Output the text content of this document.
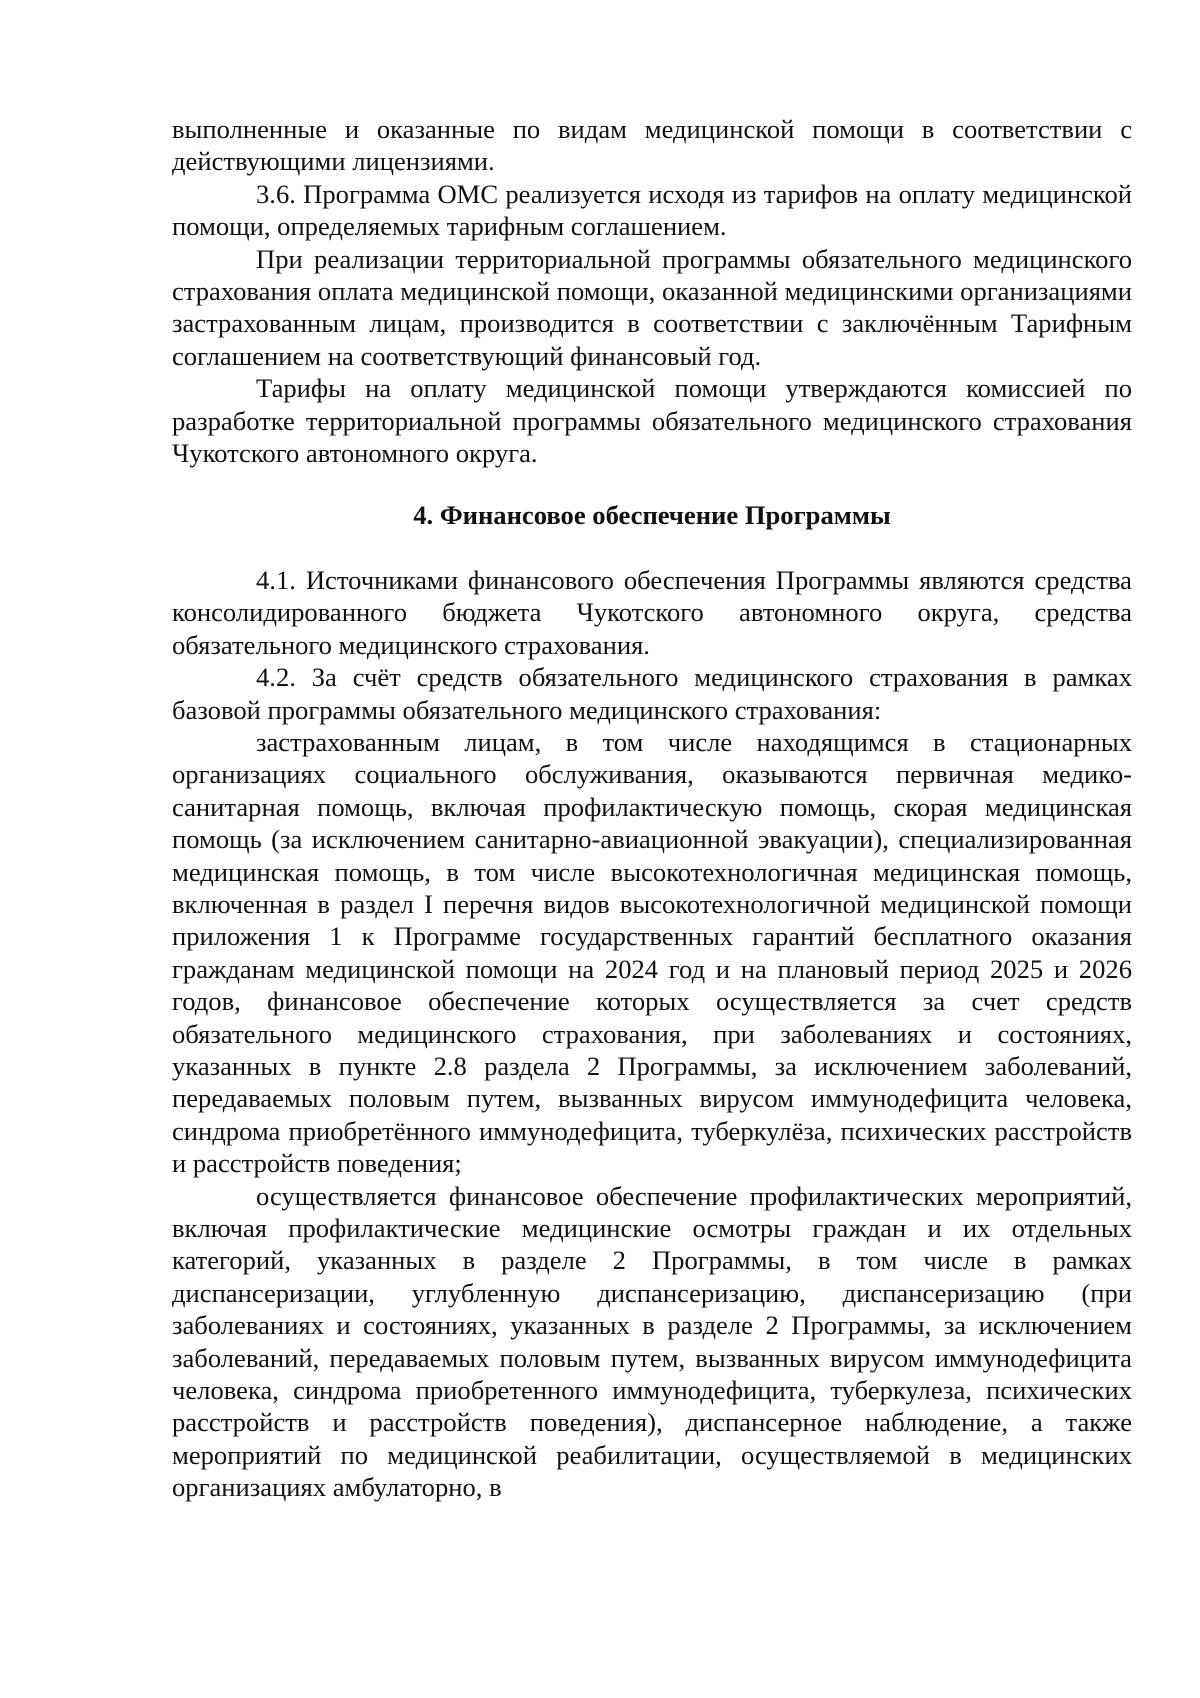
выполненные и оказанные по видам медицинской помощи в соответствии с действующими лицензиями.

3.6. Программа ОМС реализуется исходя из тарифов на оплату медицинской помощи, определяемых тарифным соглашением.

При реализации территориальной программы обязательного медицинского страхования оплата медицинской помощи, оказанной медицинскими организациями застрахованным лицам, производится в соответствии с заключённым Тарифным соглашением на соответствующий финансовый год.

Тарифы на оплату медицинской помощи утверждаются комиссией по разработке территориальной программы обязательного медицинского страхования Чукотского автономного округа.

4. Финансовое обеспечение Программы

4.1. Источниками финансового обеспечения Программы являются средства консолидированного бюджета Чукотского автономного округа, средства обязательного медицинского страхования.

4.2. За счёт средств обязательного медицинского страхования в рамках базовой программы обязательного медицинского страхования:

застрахованным лицам, в том числе находящимся в стационарных организациях социального обслуживания, оказываются первичная медико-санитарная помощь, включая профилактическую помощь, скорая медицинская помощь (за исключением санитарно-авиационной эвакуации), специализированная медицинская помощь, в том числе высокотехнологичная медицинская помощь, включенная в раздел I перечня видов высокотехнологичной медицинской помощи приложения 1 к Программе государственных гарантий бесплатного оказания гражданам медицинской помощи на 2024 год и на плановый период 2025 и 2026 годов, финансовое обеспечение которых осуществляется за счет средств обязательного медицинского страхования, при заболеваниях и состояниях, указанных в пункте 2.8 раздела 2 Программы, за исключением заболеваний, передаваемых половым путем, вызванных вирусом иммунодефицита человека, синдрома приобретённого иммунодефицита, туберкулёза, психических расстройств и расстройств поведения;

осуществляется финансовое обеспечение профилактических мероприятий, включая профилактические медицинские осмотры граждан и их отдельных категорий, указанных в разделе 2 Программы, в том числе в рамках диспансеризации, углубленную диспансеризацию, диспансеризацию (при заболеваниях и состояниях, указанных в разделе 2 Программы, за исключением заболеваний, передаваемых половым путем, вызванных вирусом иммунодефицита человека, синдрома приобретенного иммунодефицита, туберкулеза, психических расстройств и расстройств поведения), диспансерное наблюдение, а также мероприятий по медицинской реабилитации, осуществляемой в медицинских организациях амбулаторно, в
